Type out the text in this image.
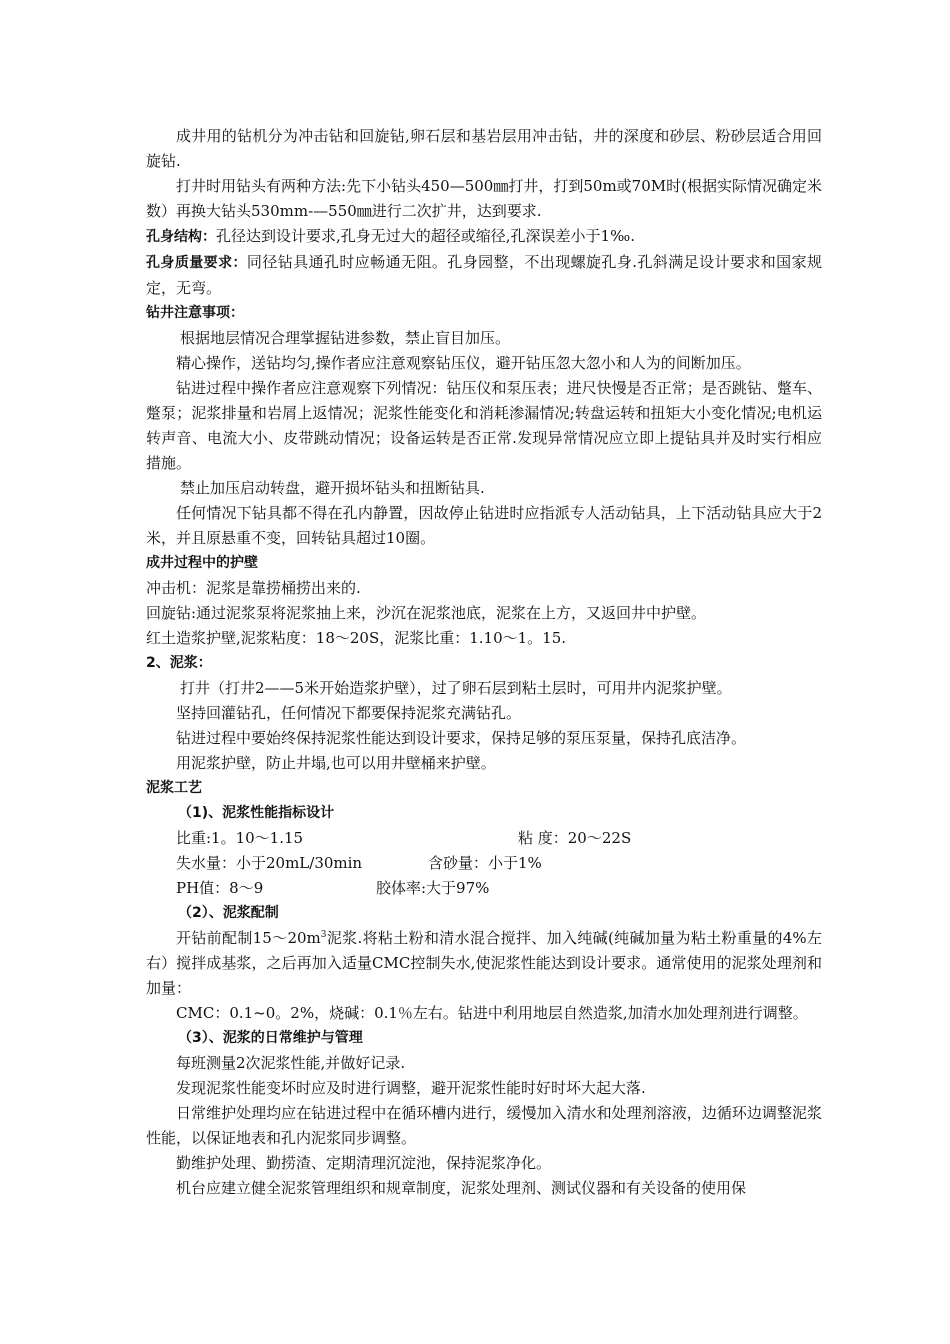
成井用的钻机分为冲击钻和回旋钻,卵石层和基岩层用冲击钻，井的深度和砂层、粉砂层适合用回旋钻.

打井时用钻头有两种方法:先下小钻头450—500㎜打井，打到50m或70M时(根据实际情况确定米数）再换大钻头530mm-—550㎜进行二次扩井，达到要求.

孔身结构：孔径达到设计要求,孔身无过大的超径或缩径,孔深误差小于1‰.

孔身质量要求：同径钻具通孔时应畅通无阻。孔身园整，不出现螺旋孔身.孔斜满足设计要求和国家规定，无弯。

钻井注意事项：

根据地层情况合理掌握钻进参数，禁止盲目加压。

精心操作，送钻均匀,操作者应注意观察钻压仪，避开钻压忽大忽小和人为的间断加压。

钻进过程中操作者应注意观察下列情况：钻压仪和泵压表；进尺快慢是否正常；是否跳钻、蹩车、蹩泵；泥浆排量和岩屑上返情况；泥浆性能变化和消耗渗漏情况;转盘运转和扭矩大小变化情况;电机运转声音、电流大小、皮带跳动情况；设备运转是否正常.发现异常情况应立即上提钻具并及时实行相应措施。

禁止加压启动转盘，避开损坏钻头和扭断钻具.

任何情况下钻具都不得在孔内静置，因故停止钻进时应指派专人活动钻具，上下活动钻具应大于2米，并且原悬重不变，回转钻具超过10圈。

成井过程中的护壁

冲击机：泥浆是靠捞桶捞出来的.

回旋钻:通过泥浆泵将泥浆抽上来，沙沉在泥浆池底，泥浆在上方，又返回井中护壁。

红土造浆护壁,泥浆粘度：18～20S，泥浆比重：1.10～1。15.

2、泥浆：

打井（打井2——5米开始造浆护壁），过了卵石层到粘土层时，可用井内泥浆护壁。

坚持回灌钻孔，任何情况下都要保持泥浆充满钻孔。

钻进过程中要始终保持泥浆性能达到设计要求，保持足够的泵压泵量，保持孔底洁净。

用泥浆护壁，防止井塌,也可以用井壁桶来护壁。

泥浆工艺

（1)、泥浆性能指标设计

比重:1。10～1.15	粘 度：20～22S
失水量：小于20mL/30min	含砂量：小于1%
PH值：8～9	胶体率:大于97%

（2）、泥浆配制

开钻前配制$15\sim 20m^3$泥浆.将粘土粉和清水混合搅拌、加入纯碱(纯碱加量为粘土粉重量的4%左右）搅拌成基浆，之后再加入适量CMC控制失水,使泥浆性能达到设计要求。通常使用的泥浆处理剂和加量：

CMC：0.1~0。2%，烧碱：0.1％左右。钻进中利用地层自然造浆,加清水加处理剂进行调整。

（3）、泥浆的日常维护与管理

每班测量2次泥浆性能,并做好记录.

发现泥浆性能变坏时应及时进行调整，避开泥浆性能时好时坏大起大落.

日常维护处理均应在钻进过程中在循环槽内进行，缓慢加入清水和处理剂溶液，边循环边调整泥浆性能，以保证地表和孔内泥浆同步调整。

勤维护处理、勤捞渣、定期清理沉淀池，保持泥浆净化。

机台应建立健全泥浆管理组织和规章制度，泥浆处理剂、测试仪器和有关设备的使用保
